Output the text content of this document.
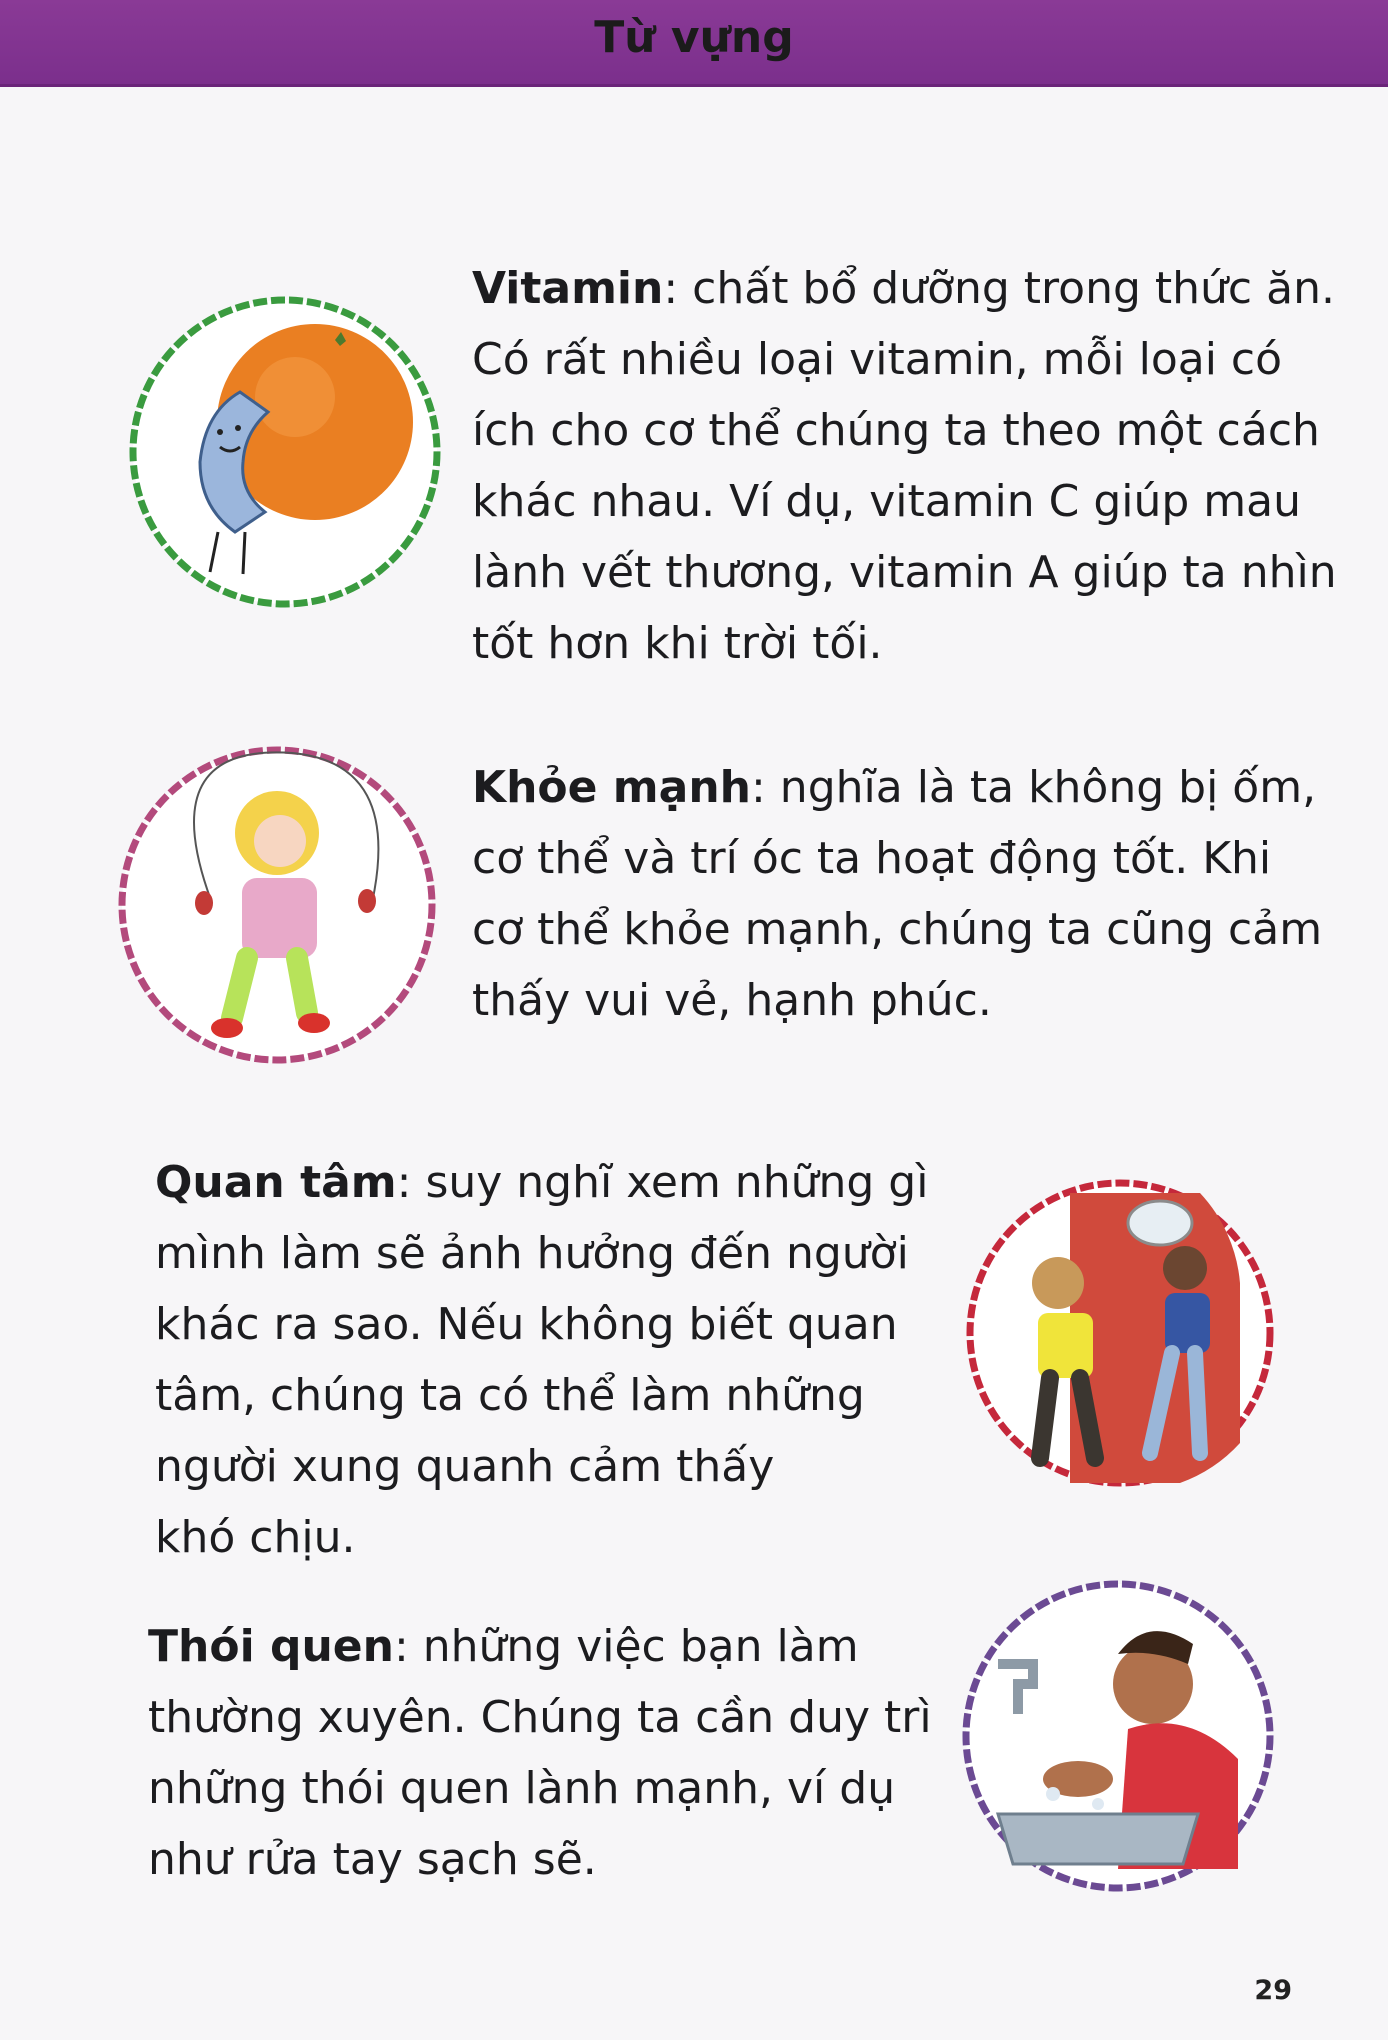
Từ vựng
Vitamin: chất bổ dưỡng trong thức ăn.
Có rất nhiều loại vitamin, mỗi loại có
ích cho cơ thể chúng ta theo một cách
khác nhau. Ví dụ, vitamin C giúp mau
lành vết thương, vitamin A giúp ta nhìn
tốt hơn khi trời tối.
Khỏe mạnh: nghĩa là ta không bị ốm,
cơ thể và trí óc ta hoạt động tốt. Khi
cơ thể khỏe mạnh, chúng ta cũng cảm
thấy vui vẻ, hạnh phúc.
Quan tâm: suy nghĩ xem những gì
mình làm sẽ ảnh hưởng đến người
khác ra sao. Nếu không biết quan
tâm, chúng ta có thể làm những
người xung quanh cảm thấy
khó chịu.
Thói quen: những việc bạn làm
thường xuyên. Chúng ta cần duy trì
những thói quen lành mạnh, ví dụ
như rửa tay sạch sẽ.
29
